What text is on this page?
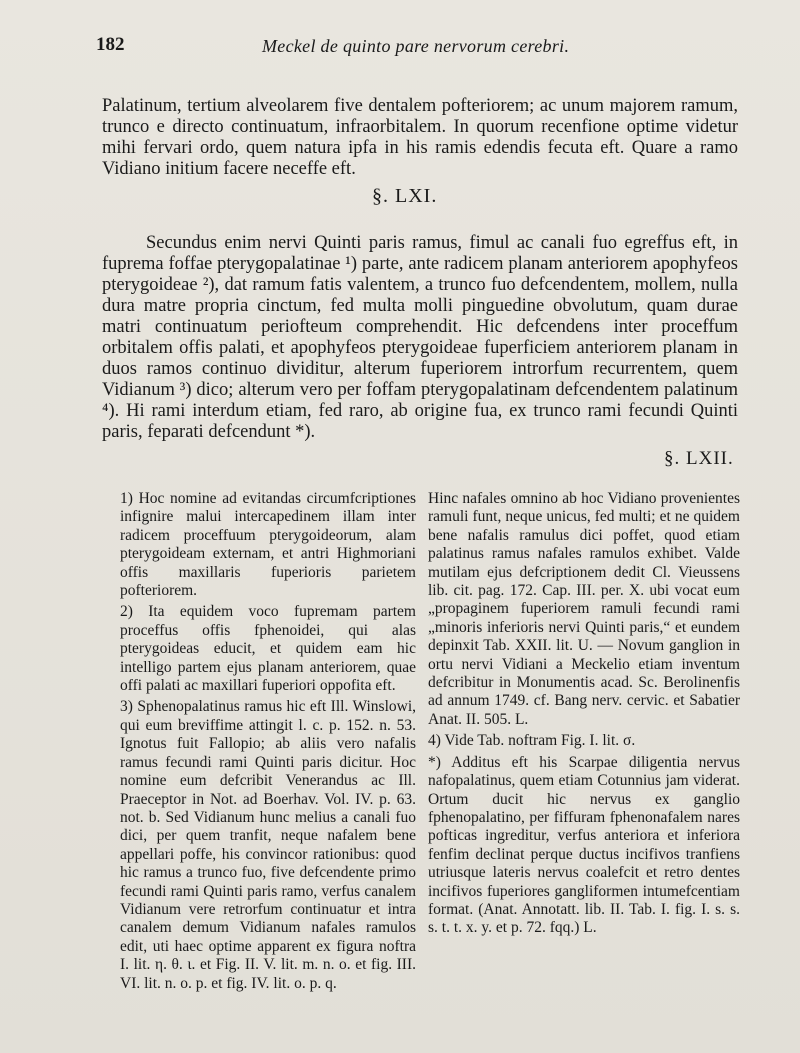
182	Meckel de quinto pare nervorum cerebri.

Palatinum, tertium alveolarem five dentalem pofteriorem; ac unum majorem ramum, trunco e directo continuatum, infraorbitalem. In quorum recenfione optime videtur mihi fervari ordo, quem natura ipfa in his ramis edendis fecuta eft. Quare a ramo Vidiano initium facere neceffe eft.

§. LXI.

Secundus enim nervi Quinti paris ramus, fimul ac canali fuo egreffus eft, in fuprema foffae pterygopalatinae ¹) parte, ante radicem planam anteriorem apophyfeos pterygoideae ²), dat ramum fatis valentem, a trunco fuo defcendentem, mollem, nulla dura matre propria cinctum, fed multa molli pinguedine obvolutum, quam durae matri continuatum periofteum comprehendit. Hic defcendens inter proceffum orbitalem offis palati, et apophyfeos pterygoideae fuperficiem anteriorem planam in duos ramos continuo dividitur, alterum fuperiorem introrfum recurrentem, quem Vidianum ³) dico; alterum vero per foffam pterygopalatinam defcendentem palatinum ⁴). Hi rami interdum etiam, fed raro, ab origine fua, ex trunco rami fecundi Quinti paris, feparati defcendunt *).

§. LXII.

1) Hoc nomine ad evitandas circumfcriptiones infignire malui intercapedinem illam inter radicem proceffuum pterygoideorum, alam pterygoideam externam, et antri Highmoriani offis maxillaris fuperioris parietem pofteriorem.

2) Ita equidem voco fupremam partem proceffus offis fphenoidei, qui alas pterygoideas educit, et quidem eam hic intelligo partem ejus planam anteriorem, quae offi palati ac maxillari fuperiori oppofita eft.

3) Sphenopalatinus ramus hic eft Ill. Winslowi, qui eum breviffime attingit l. c. p. 152. n. 53. Ignotus fuit Fallopio; ab aliis vero nafalis ramus fecundi rami Quinti paris dicitur. Hoc nomine eum defcribit Venerandus ac Ill. Praeceptor in Not. ad Boerhav. Vol. IV. p. 63. not. b. Sed Vidianum hunc melius a canali fuo dici, per quem tranfit, neque nafalem bene appellari poffe, his convincor rationibus: quod hic ramus a trunco fuo, five defcendente primo fecundi rami Quinti paris ramo, verfus canalem Vidianum vere retrorfum continuatur et intra canalem demum Vidianum nafales ramulos edit, uti haec optime apparent ex figura noftra I. lit. η. θ. ι. et Fig. II. V. lit. m. n. o. et fig. III. VI. lit. n. o. p. et fig. IV. lit. o. p. q.

Hinc nafales omnino ab hoc Vidiano provenientes ramuli funt, neque unicus, fed multi; et ne quidem bene nafalis ramulus dici poffet, quod etiam palatinus ramus nafales ramulos exhibet. Valde mutilam ejus defcriptionem dedit Cl. Vieussens lib. cit. pag. 172. Cap. III. per. X. ubi vocat eum „propaginem fuperiorem ramuli fecundi rami „minoris inferioris nervi Quinti paris,“ et eundem depinxit Tab. XXII. lit. U. — Novum ganglion in ortu nervi Vidiani a Meckelio etiam inventum defcribitur in Monumentis acad. Sc. Berolinenfis ad annum 1749. cf. Bang nerv. cervic. et Sabatier Anat. II. 505. L.

4) Vide Tab. noftram Fig. I. lit. σ.

*) Additus eft his Scarpae diligentia nervus nafopalatinus, quem etiam Cotunnius jam viderat. Ortum ducit hic nervus ex ganglio fphenopalatino, per fiffuram fphenonafalem nares pofticas ingreditur, verfus anteriora et inferiora fenfim declinat perque ductus incifivos tranfiens utriusque lateris nervus coalefcit et retro dentes incifivos fuperiores gangliformen intumefcentiam format. (Anat. Annotatt. lib. II. Tab. I. fig. I. s. s. s. t. t. x. y. et p. 72. fqq.) L.
